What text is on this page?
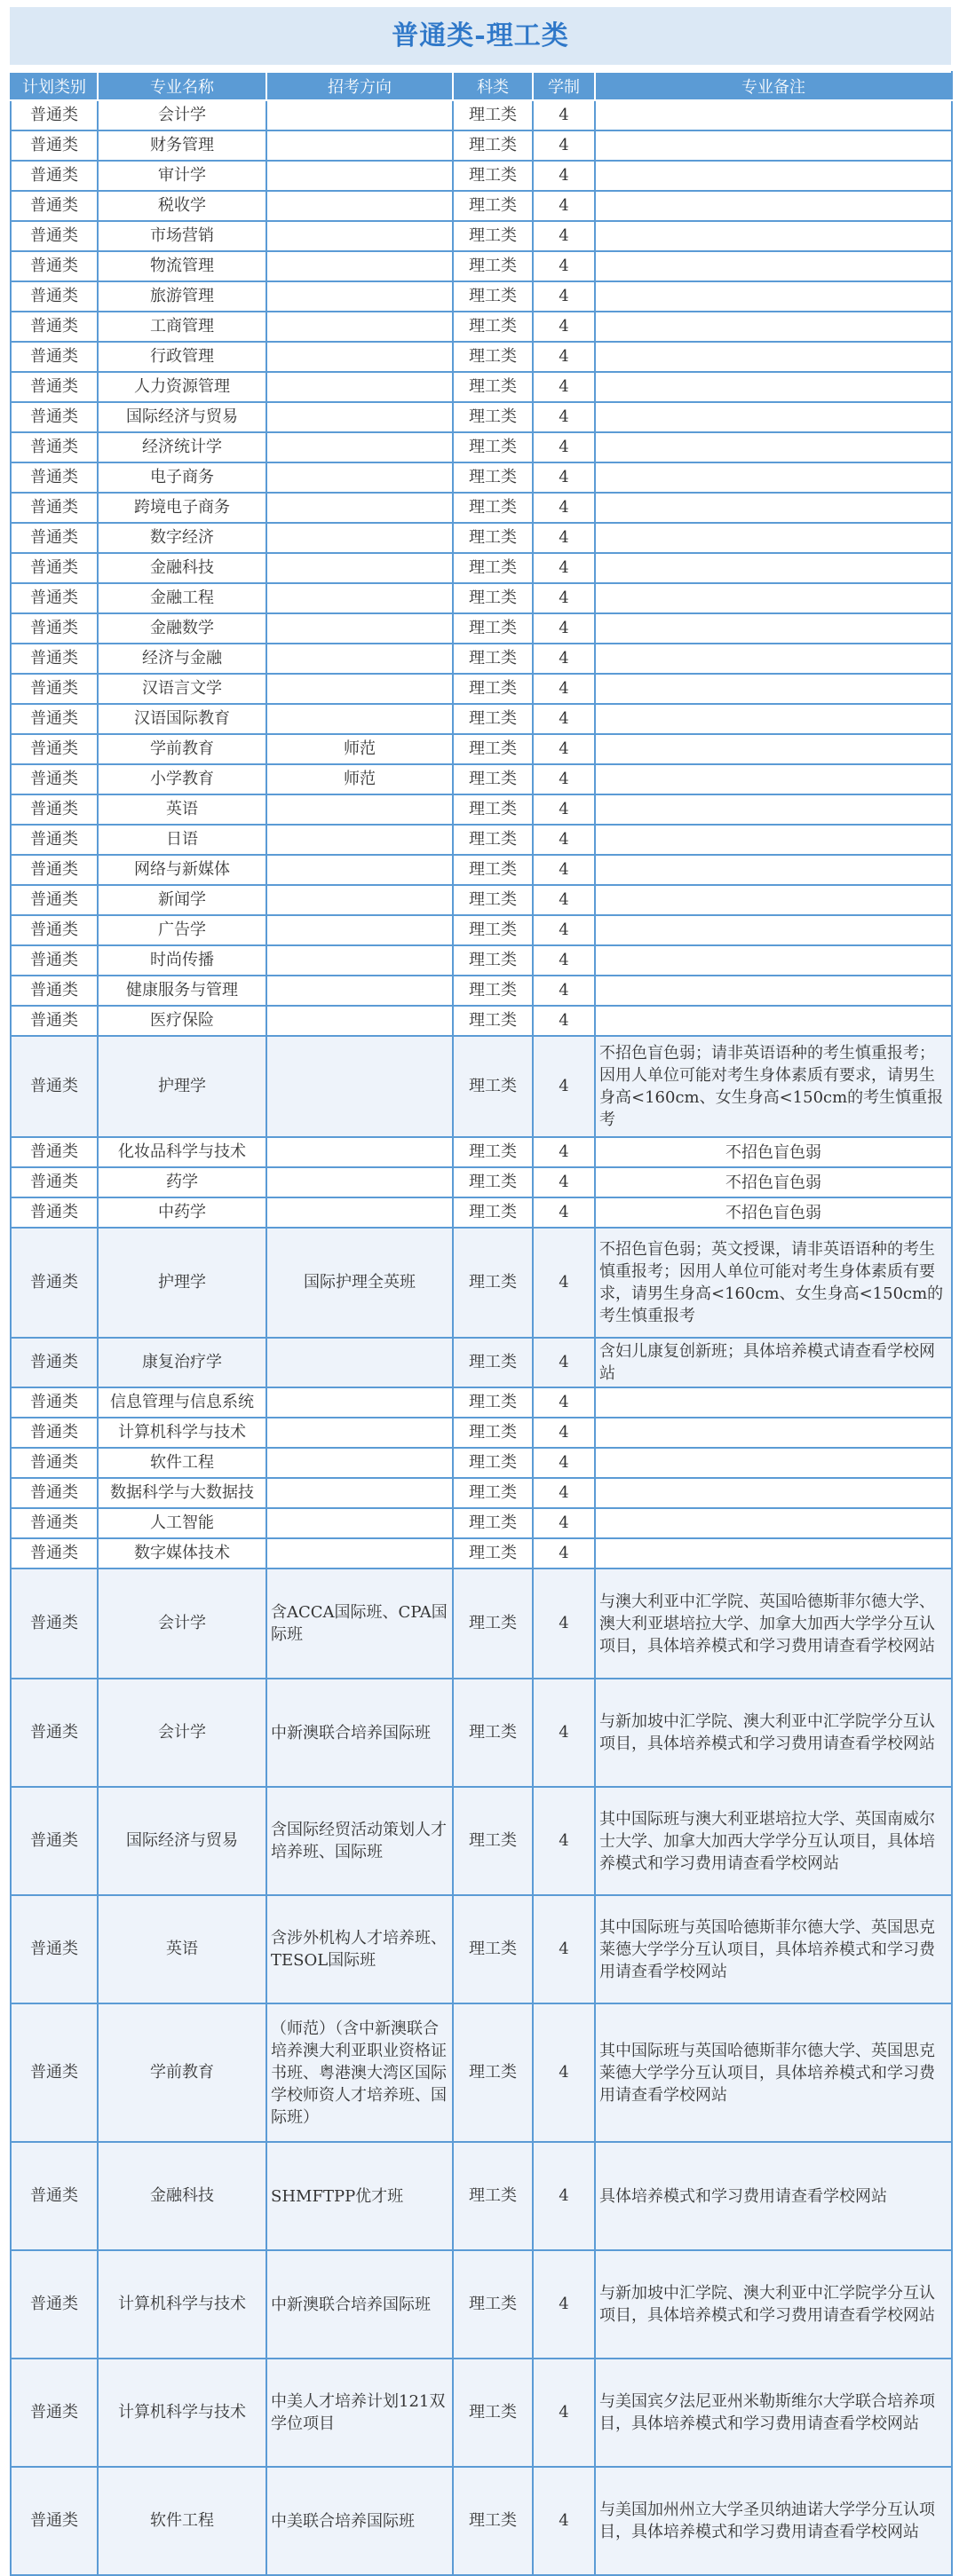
普通类-理工类
计划类别	专业名称	招考方向	科类	学制	专业备注
普通类	会计学		理工类	4	
普通类	财务管理		理工类	4	
普通类	审计学		理工类	4	
普通类	税收学		理工类	4	
普通类	市场营销		理工类	4	
普通类	物流管理		理工类	4	
普通类	旅游管理		理工类	4	
普通类	工商管理		理工类	4	
普通类	行政管理		理工类	4	
普通类	人力资源管理		理工类	4	
普通类	国际经济与贸易		理工类	4	
普通类	经济统计学		理工类	4	
普通类	电子商务		理工类	4	
普通类	跨境电子商务		理工类	4	
普通类	数字经济		理工类	4	
普通类	金融科技		理工类	4	
普通类	金融工程		理工类	4	
普通类	金融数学		理工类	4	
普通类	经济与金融		理工类	4	
普通类	汉语言文学		理工类	4	
普通类	汉语国际教育		理工类	4	
普通类	学前教育	师范	理工类	4	
普通类	小学教育	师范	理工类	4	
普通类	英语		理工类	4	
普通类	日语		理工类	4	
普通类	网络与新媒体		理工类	4	
普通类	新闻学		理工类	4	
普通类	广告学		理工类	4	
普通类	时尚传播		理工类	4	
普通类	健康服务与管理		理工类	4	
普通类	医疗保险		理工类	4	
普通类	护理学		理工类	4	不招色盲色弱；请非英语语种的考生慎重报考；因用人单位可能对考生身体素质有要求，请男生身高<160cm、女生身高<150cm的考生慎重报考
普通类	化妆品科学与技术		理工类	4	不招色盲色弱
普通类	药学		理工类	4	不招色盲色弱
普通类	中药学		理工类	4	不招色盲色弱
普通类	护理学	国际护理全英班	理工类	4	不招色盲色弱；英文授课，请非英语语种的考生慎重报考；因用人单位可能对考生身体素质有要求，请男生身高<160cm、女生身高<150cm的考生慎重报考
普通类	康复治疗学		理工类	4	含妇儿康复创新班；具体培养模式请查看学校网站
普通类	信息管理与信息系统		理工类	4	
普通类	计算机科学与技术		理工类	4	
普通类	软件工程		理工类	4	
普通类	数据科学与大数据技		理工类	4	
普通类	人工智能		理工类	4	
普通类	数字媒体技术		理工类	4	
普通类	会计学	含ACCA国际班、CPA国际班	理工类	4	与澳大利亚中汇学院、英国哈德斯菲尔德大学、澳大利亚堪培拉大学、加拿大加西大学学分互认项目，具体培养模式和学习费用请查看学校网站
普通类	会计学	中新澳联合培养国际班	理工类	4	与新加坡中汇学院、澳大利亚中汇学院学分互认项目，具体培养模式和学习费用请查看学校网站
普通类	国际经济与贸易	含国际经贸活动策划人才培养班、国际班	理工类	4	其中国际班与澳大利亚堪培拉大学、英国南威尔士大学、加拿大加西大学学分互认项目，具体培养模式和学习费用请查看学校网站
普通类	英语	含涉外机构人才培养班、TESOL国际班	理工类	4	其中国际班与英国哈德斯菲尔德大学、英国思克莱德大学学分互认项目，具体培养模式和学习费用请查看学校网站
普通类	学前教育	（师范）（含中新澳联合培养澳大利亚职业资格证书班、粤港澳大湾区国际学校师资人才培养班、国际班）	理工类	4	其中国际班与英国哈德斯菲尔德大学、英国思克莱德大学学分互认项目，具体培养模式和学习费用请查看学校网站
普通类	金融科技	SHMFTPP优才班	理工类	4	具体培养模式和学习费用请查看学校网站
普通类	计算机科学与技术	中新澳联合培养国际班	理工类	4	与新加坡中汇学院、澳大利亚中汇学院学分互认项目，具体培养模式和学习费用请查看学校网站
普通类	计算机科学与技术	中美人才培养计划121双学位项目	理工类	4	与美国宾夕法尼亚州米勒斯维尔大学联合培养项目，具体培养模式和学习费用请查看学校网站
普通类	软件工程	中美联合培养国际班	理工类	4	与美国加州州立大学圣贝纳迪诺大学学分互认项目，具体培养模式和学习费用请查看学校网站
